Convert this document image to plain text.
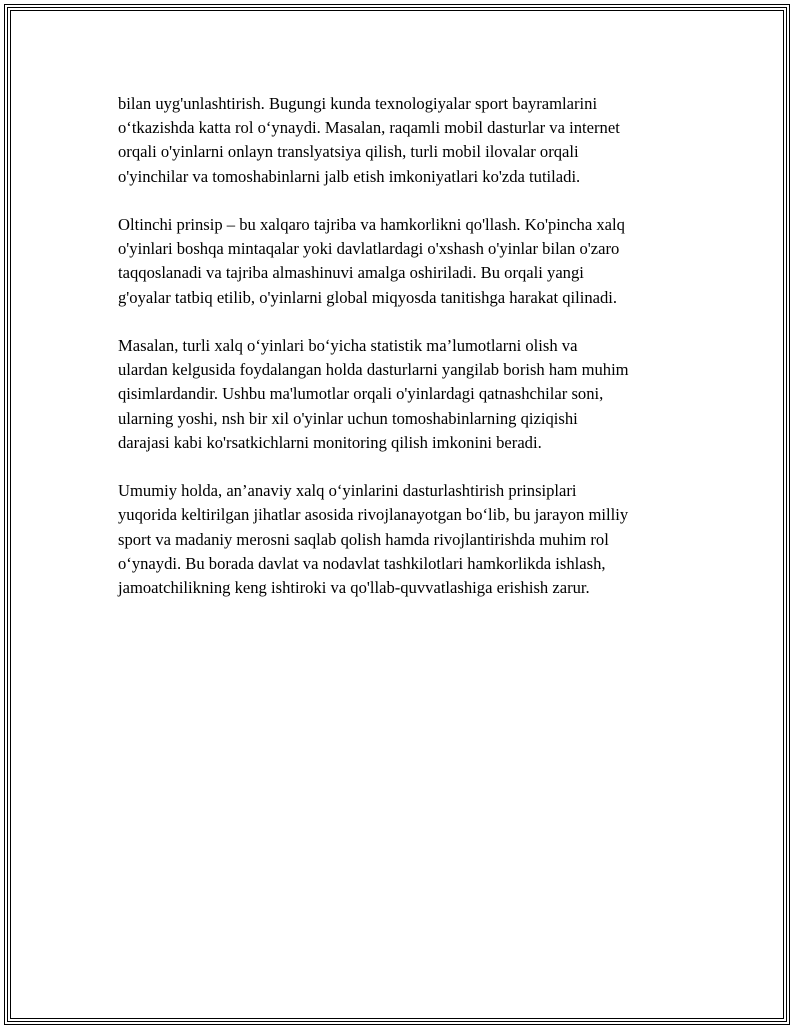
bilan uyg'unlashtirish. Bugungi kunda texnologiyalar sport bayramlarini
o‘tkazishda katta rol o‘ynaydi. Masalan, raqamli mobil dasturlar va internet
orqali o'yinlarni onlayn translyatsiya qilish, turli mobil ilovalar orqali
o'yinchilar va tomoshabinlarni jalb etish imkoniyatlari ko'zda tutiladi.

Oltinchi prinsip – bu xalqaro tajriba va hamkorlikni qo'llash. Ko'pincha xalq
o'yinlari boshqa mintaqalar yoki davlatlardagi o'xshash o'yinlar bilan o'zaro
taqqoslanadi va tajriba almashinuvi amalga oshiriladi. Bu orqali yangi
g'oyalar tatbiq etilib, o'yinlarni global miqyosda tanitishga harakat qilinadi.

Masalan, turli xalq o‘yinlari bo‘yicha statistik ma’lumotlarni olish va
ulardan kelgusida foydalangan holda dasturlarni yangilab borish ham muhim
qisimlardandir. Ushbu ma'lumotlar orqali o'yinlardagi qatnashchilar soni,
ularning yoshi, nsh bir xil o'yinlar uchun tomoshabinlarning qiziqishi
darajasi kabi ko'rsatkichlarni monitoring qilish imkonini beradi.

Umumiy holda, an’anaviy xalq o‘yinlarini dasturlashtirish prinsiplari
yuqorida keltirilgan jihatlar asosida rivojlanayotgan bo‘lib, bu jarayon milliy
sport va madaniy merosni saqlab qolish hamda rivojlantirishda muhim rol
o‘ynaydi. Bu borada davlat va nodavlat tashkilotlari hamkorlikda ishlash,
jamoatchilikning keng ishtiroki va qo'llab-quvvatlashiga erishish zarur.
